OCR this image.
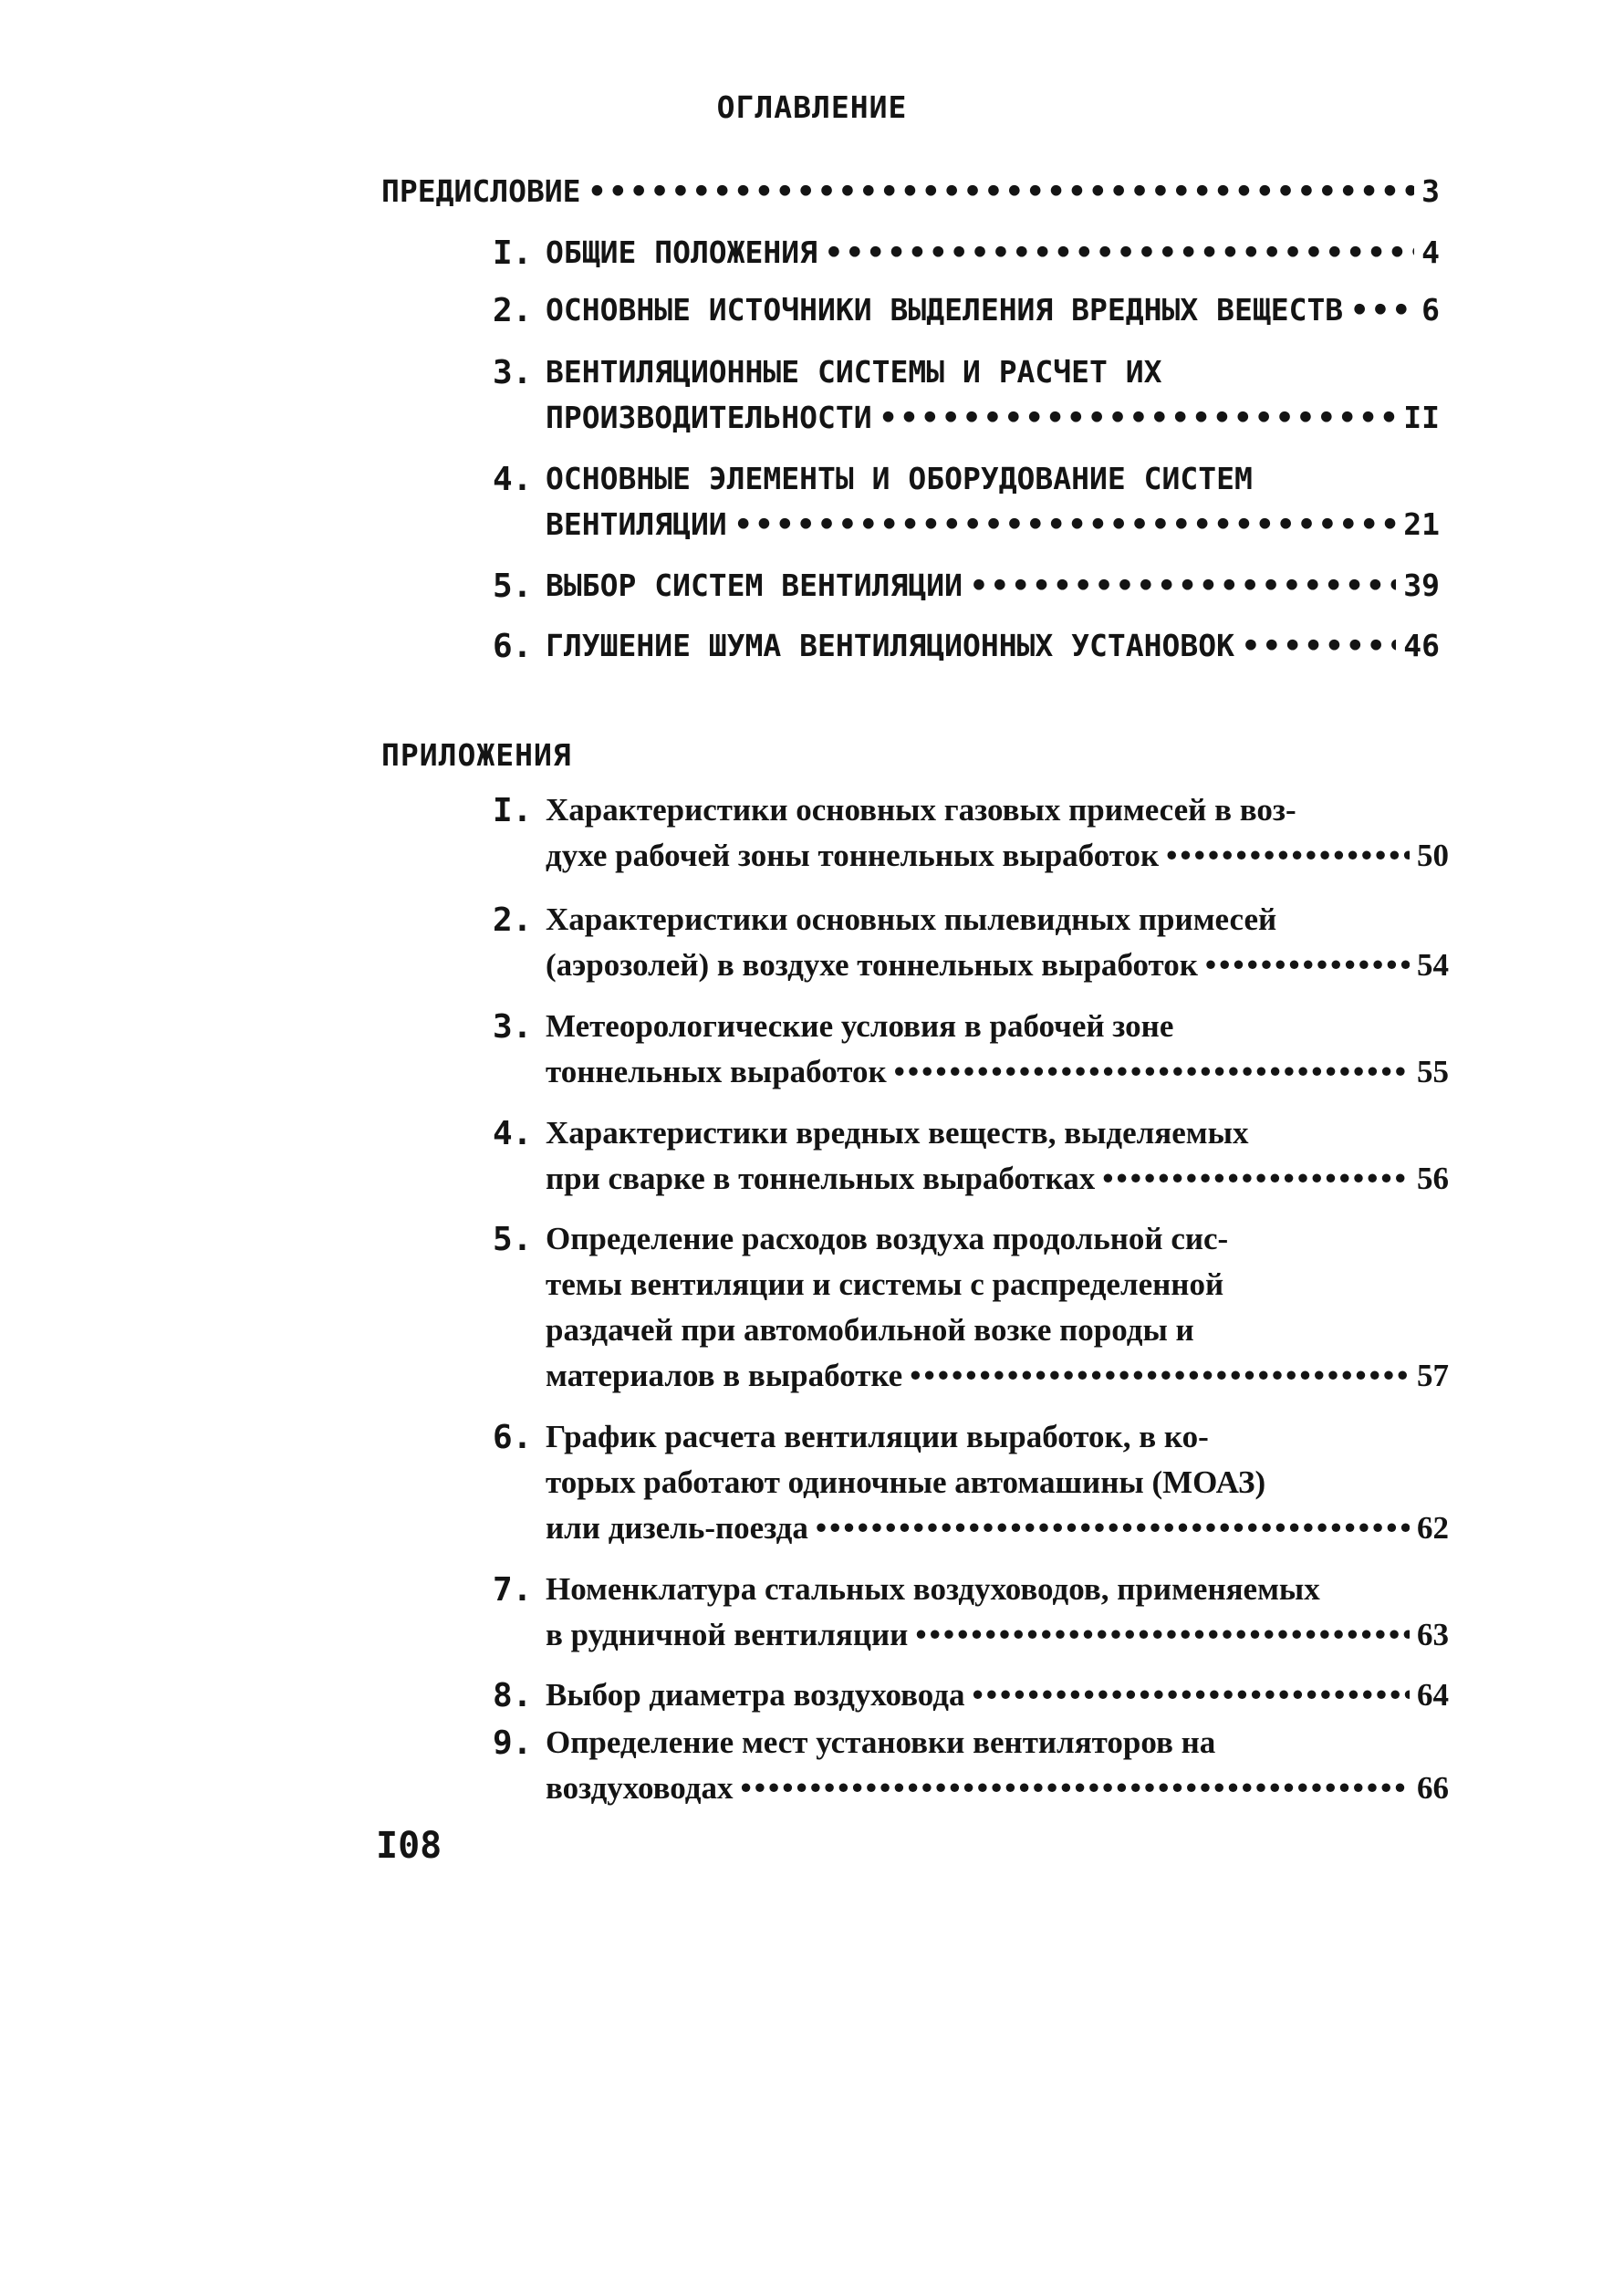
ОГЛАВЛЕНИЕ
ПРЕДИСЛОВИЕ •••••	3
I. ОБЩИЕ ПОЛОЖЕНИЯ •••••	4
2. ОСНОВНЫЕ ИСТОЧНИКИ ВЫДЕЛЕНИЯ ВРЕДНЫХ ВЕЩЕСТВ •••••	6
3. ВЕНТИЛЯЦИОННЫЕ СИСТЕМЫ И РАСЧЕТ ИХ
ПРОИЗВОДИТЕЛЬНОСТИ •••••	II
4. ОСНОВНЫЕ ЭЛЕМЕНТЫ И ОБОРУДОВАНИЕ СИСТЕМ
ВЕНТИЛЯЦИИ •••••	21
5. ВЫБОР СИСТЕМ ВЕНТИЛЯЦИИ •••••	39
6. ГЛУШЕНИЕ ШУМА ВЕНТИЛЯЦИОННЫХ УСТАНОВОК •••••	46
ПРИЛОЖЕНИЯ
I. Характеристики основных газовых примесей в воз-
духе рабочей зоны тоннельных выработок •••••	50
2. Характеристики основных пылевидных примесей
(аэрозолей) в воздухе тоннельных выработок •••••	54
3. Метеорологические условия в рабочей зоне
тоннельных выработок •••••	55
4. Характеристики вредных веществ, выделяемых
при сварке в тоннельных выработках •••••	56
5. Определение расходов воздуха продольной сис-
темы вентиляции и системы с распределенной
раздачей при автомобильной возке породы и
материалов в выработке •••••	57
6. График расчета вентиляции выработок, в ко-
торых работают одиночные автомашины (МОАЗ)
или дизель-поезда •••••	62
7. Номенклатура стальных воздуховодов, применяемых
в рудничной вентиляции •••••	63
8. Выбор диаметра воздуховода •••••	64
9. Определение мест установки вентиляторов на
воздуховодах •••••	66
I08
